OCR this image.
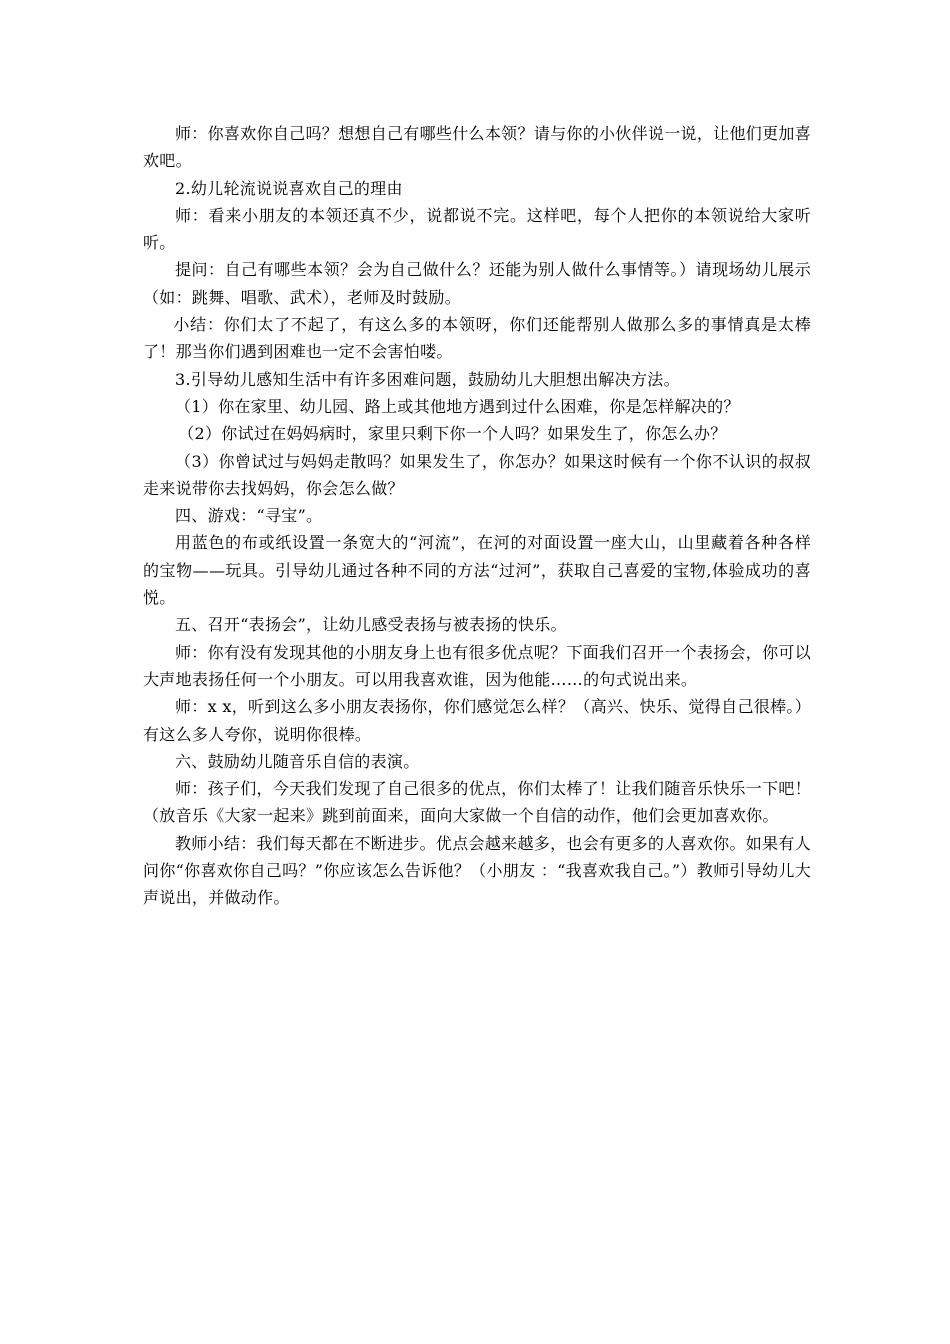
师：你喜欢你自己吗？想想自己有哪些什么本领？请与你的小伙伴说一说，让他们更加喜欢吧。

2.幼儿轮流说说喜欢自己的理由

师：看来小朋友的本领还真不少，说都说不完。这样吧，每个人把你的本领说给大家听听。

提问：自己有哪些本领？会为自己做什么？还能为别人做什么事情等。）请现场幼儿展示（如：跳舞、唱歌、武术），老师及时鼓励。

小结：你们太了不起了，有这么多的本领呀，你们还能帮别人做那么多的事情真是太棒了！那当你们遇到困难也一定不会害怕喽。

3.引导幼儿感知生活中有许多困难问题，鼓励幼儿大胆想出解决方法。

（1）你在家里、幼儿园、路上或其他地方遇到过什么困难，你是怎样解决的？

（2）你试过在妈妈病时，家里只剩下你一个人吗？如果发生了，你怎么办？

（3）你曾试过与妈妈走散吗？如果发生了，你怎办？如果这时候有一个你不认识的叔叔走来说带你去找妈妈，你会怎么做？

四、游戏：“寻宝”。

用蓝色的布或纸设置一条宽大的“河流”，在河的对面设置一座大山，山里藏着各种各样的宝物——玩具。引导幼儿通过各种不同的方法“过河”，获取自己喜爱的宝物,体验成功的喜悦。

五、召开“表扬会”，让幼儿感受表扬与被表扬的快乐。

师：你有没有发现其他的小朋友身上也有很多优点呢？下面我们召开一个表扬会，你可以大声地表扬任何一个小朋友。可以用我喜欢谁，因为他能……的句式说出来。

师：x x，听到这么多小朋友表扬你，你们感觉怎么样？（高兴、快乐、觉得自己很棒。）有这么多人夸你，说明你很棒。

六、鼓励幼儿随音乐自信的表演。

师：孩子们，今天我们发现了自己很多的优点，你们太棒了！让我们随音乐快乐一下吧！（放音乐《大家一起来》跳到前面来，面向大家做一个自信的动作，他们会更加喜欢你。

教师小结：我们每天都在不断进步。优点会越来越多，也会有更多的人喜欢你。如果有人问你“你喜欢你自己吗？”你应该怎么告诉他？（小朋友 ：“我喜欢我自己。”）教师引导幼儿大声说出，并做动作。
